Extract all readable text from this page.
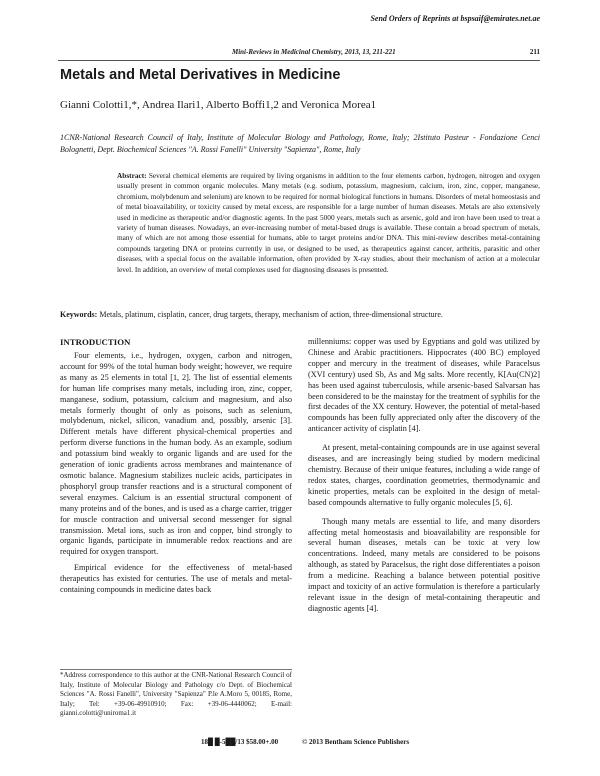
Send Orders of Reprints at bspsaif@emirates.net.ae
Mini-Reviews in Medicinal Chemistry, 2013, 13, 211-221	211
Metals and Metal Derivatives in Medicine
Gianni Colotti1,*, Andrea Ilari1, Alberto Boffi1,2 and Veronica Morea1
1CNR-National Research Council of Italy, Institute of Molecular Biology and Pathology, Rome, Italy; 2Istituto Pasteur - Fondazione Cenci Bolognetti, Dept. Biochemical Sciences "A. Rossi Fanelli" University "Sapienza", Rome, Italy
Abstract: Several chemical elements are required by living organisms in addition to the four elements carbon, hydrogen, nitrogen and oxygen usually present in common organic molecules. Many metals (e.g. sodium, potassium, magnesium, calcium, iron, zinc, copper, manganese, chromium, molybdenum and selenium) are known to be required for normal biological functions in humans. Disorders of metal homeostasis and of metal bioavailability, or toxicity caused by metal excess, are responsible for a large number of human diseases. Metals are also extensively used in medicine as therapeutic and/or diagnostic agents. In the past 5000 years, metals such as arsenic, gold and iron have been used to treat a variety of human diseases. Nowadays, an ever-increasing number of metal-based drugs is available. These contain a broad spectrum of metals, many of which are not among those essential for humans, able to target proteins and/or DNA. This mini-review describes metal-containing compounds targeting DNA or proteins currently in use, or designed to be used, as therapeutics against cancer, arthritis, parasitic and other diseases, with a special focus on the available information, often provided by X-ray studies, about their mechanism of action at a molecular level. In addition, an overview of metal complexes used for diagnosing diseases is presented.
Keywords: Metals, platinum, cisplatin, cancer, drug targets, therapy, mechanism of action, three-dimensional structure.
INTRODUCTION

Four elements, i.e., hydrogen, oxygen, carbon and nitrogen, account for 99% of the total human body weight; however, we require as many as 25 elements in total [1, 2]. The list of essential elements for human life comprises many metals, including iron, zinc, copper, manganese, sodium, potassium, calcium and magnesium, and also metals formerly thought of only as poisons, such as selenium, molybdenum, nickel, silicon, vanadium and, possibly, arsenic [3]. Different metals have different physical-chemical properties and perform diverse functions in the human body. As an example, sodium and potassium bind weakly to organic ligands and are used for the generation of ionic gradients across membranes and maintenance of osmotic balance. Magnesium stabilizes nucleic acids, participates in phosphoryl group transfer reactions and is a structural component of several enzymes. Calcium is an essential structural component of many proteins and of the bones, and is used as a charge carrier, trigger for muscle contraction and universal second messenger for signal transmission. Metal ions, such as iron and copper, bind strongly to organic ligands, participate in innumerable redox reactions and are required for oxygen transport.

Empirical evidence for the effectiveness of metal-based therapeutics has existed for centuries. The use of metals and metal-containing compounds in medicine dates back

millenniums: copper was used by Egyptians and gold was utilized by Chinese and Arabic practitioners. Hippocrates (400 BC) employed copper and mercury in the treatment of diseases, while Paracelsus (XVI century) used Sb, As and Mg salts. More recently, K[Au(CN)2] has been used against tuberculosis, while arsenic-based Salvarsan has been considered to be the mainstay for the treatment of syphilis for the first decades of the XX century. However, the potential of metal-based compounds has been fully appreciated only after the discovery of the anticancer activity of cisplatin [4].

At present, metal-containing compounds are in use against several diseases, and are increasingly being studied by modern medicinal chemistry. Because of their unique features, including a wide range of redox states, charges, coordination geometries, thermodynamic and kinetic properties, metals can be exploited in the design of metal-based compounds alternative to fully organic molecules [5, 6].

Though many metals are essential to life, and many disorders affecting metal homeostasis and bioavailability are responsible for several human diseases, metals can be toxic at very low concentrations. Indeed, many metals are considered to be poisons although, as stated by Paracelsus, the right dose differentiates a poison from a medicine. Reaching a balance between potential positive impact and toxicity of an active formulation is therefore a particularly relevant issue in the design of metal-containing therapeutic and diagnostic agents [4].

*Address correspondence to this author at the CNR-National Research Council of Italy, Institute of Molecular Biology and Pathology c/o Dept. of Biochemical Sciences "A. Rossi Fanelli", University "Sapienza" P.le A.Moro 5, 00185, Rome, Italy; Tel: +39-06-49910910; Fax: +39-06-4440062; E-mail: gianni.colotti@uniroma1.it
18█ █-5██/13 $58.00+.00	© 2013 Bentham Science Publishers
